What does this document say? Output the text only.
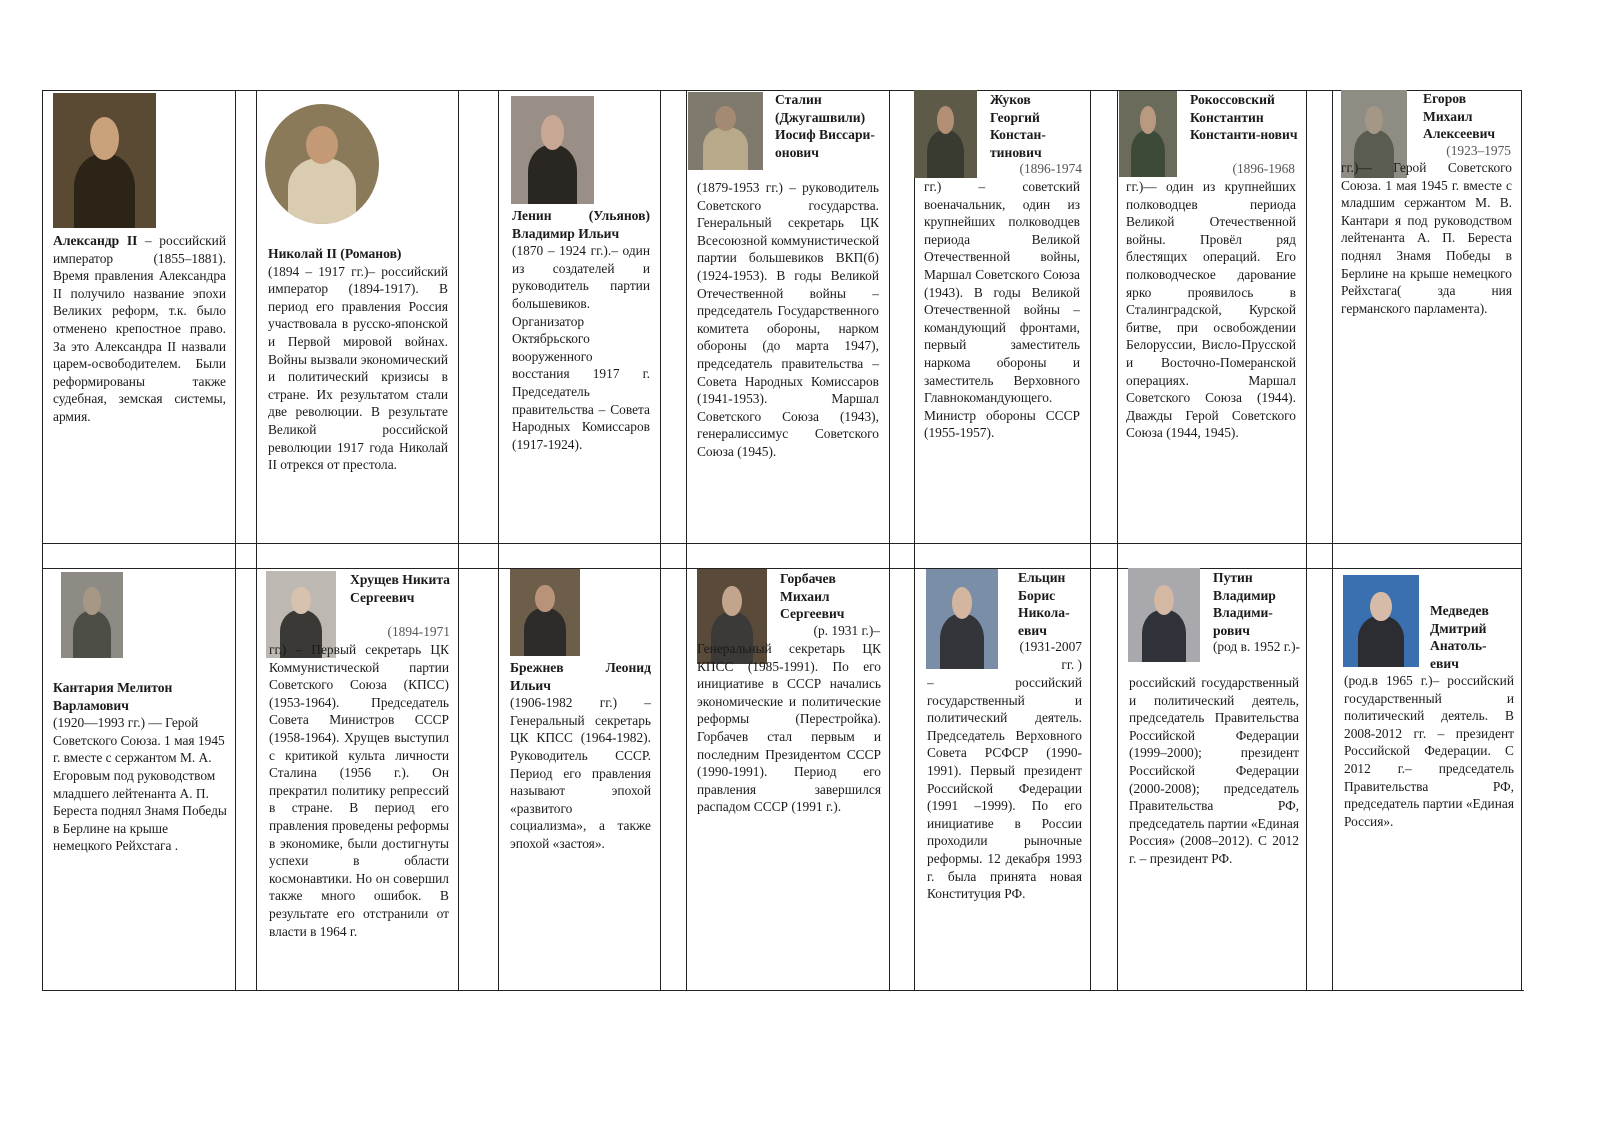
Александр II – российский император (1855–1881). Время правления Александра II получило название эпохи Великих реформ, т.к. было отменено крепостное право. За это Александра II назвали царем-освободителем. Были реформированы также судебная, земская системы, армия.
Николай II (Романов)
(1894 – 1917 гг.)– российский император (1894-1917). В период его правления Россия участвовала в русско-японской и Первой мировой войнах. Войны вызвали экономический и политический кризисы в стране. Их результатом стали две революции. В результате Великой российской революции 1917 года Николай II отрекся от престола.
Ленин (Ульянов) Владимир Ильич
(1870 – 1924 гг.).– один из создателей и руководитель партии большевиков. Организатор Октябрьского вооруженного восстания 1917 г. Председатель правительства – Совета Народных Комиссаров (1917-1924).
Сталин (Джугашвили) Иосиф Виссари-онович
(1879-1953 гг.) – руководитель Советского государства. Генеральный секретарь ЦК Всесоюзной коммунистической партии большевиков ВКП(б) (1924-1953). В годы Великой Отечественной войны – председатель Государственного комитета обороны, нарком обороны (до марта 1947), председатель правительства – Совета Народных Комиссаров (1941-1953). Маршал Советского Союза (1943), генералиссимус Советского Союза (1945).
Жуков Георгий Констан-тинович
(1896-1974
гг.) – советский военачальник, один из крупнейших полководцев периода Великой Отечественной войны, Маршал Советского Союза (1943). В годы Великой Отечественной войны – командующий фронтами, первый заместитель наркома обороны и заместитель Верховного Главнокомандующего. Министр обороны СССР (1955-1957).
Рокоссовский Константин Константи-нович
(1896-1968
гг.)— один из крупнейших полководцев периода Великой Отечественной войны. Провёл ряд блестящих операций. Его полководческое дарование ярко проявилось в Сталинградской, Курской битве, при освобождении Белоруссии, Висло-Прусской и Восточно-Померанской операциях. Маршал Советского Союза (1944). Дважды Герой Советского Союза (1944, 1945).
Егоров Михаил Алексеевич
(1923–1975
гг.)— Герой Советского Союза. 1 мая 1945 г. вместе с младшим сержантом М. В. Кантари я под руководством лейтенанта А. П. Береста поднял Знамя Победы в Берлине на крыше немецкого Рейхстага( зда ния германского парламента).
Кантария Мелитон Варламович
(1920—1993 гг.) — Герой Советского Союза. 1 мая 1945 г. вместе с сержантом М. А. Егоровым под руководством младшего лейтенанта А. П. Береста поднял Знамя Победы в Берлине на крыше немецкого Рейхстага .
Хрущев Никита Сергеевич
(1894-1971
гг.) – Первый секретарь ЦК Коммунистической партии Советского Союза (КПСС) (1953-1964). Председатель Совета Министров СССР (1958-1964). Хрущев выступил с критикой культа личности Сталина (1956 г.). Он прекратил политику репрессий в стране. В период его правления проведены реформы в экономике, были достигнуты успехи в области космонавтики. Но он совершил также много ошибок. В результате его отстранили от власти в 1964 г.
Брежнев Леонид Ильич
(1906-1982 гг.) – Генеральный секретарь ЦК КПСС (1964-1982). Руководитель СССР. Период его правления называют эпохой «развитого социализма», а также эпохой «застоя».
Горбачев Михаил Сергеевич
(р. 1931 г.)–
Генеральный секретарь ЦК КПСС (1985-1991). По его инициативе в СССР начались экономические и политические реформы (Перестройка). Горбачев стал первым и последним Президентом СССР (1990-1991). Период его правления завершился распадом СССР (1991 г.).
Ельцин Борис Никола-евич
(1931-2007 гг. )
– российский государственный и политический деятель. Председатель Верховного Совета РСФСР (1990-1991). Первый президент Российской Федерации (1991 –1999). По его инициативе в России проходили рыночные реформы. 12 декабря 1993 г. была принята новая Конституция РФ.
Путин Владимир Владими-рович
(род в. 1952 г.)-
российский государственный и политический деятель, председатель Правительства Российской Федерации (1999–2000); президент Российской Федерации (2000-2008); председатель Правительства РФ, председатель партии «Единая Россия» (2008–2012). С 2012 г. – президент РФ.
Медведев Дмитрий Анатоль-евич
(род.в 1965 г.)– российский государственный и политический деятель. В 2008-2012 гг. – президент Российской Федерации. С 2012 г.– председатель Правительства РФ, председатель партии «Единая Россия».
